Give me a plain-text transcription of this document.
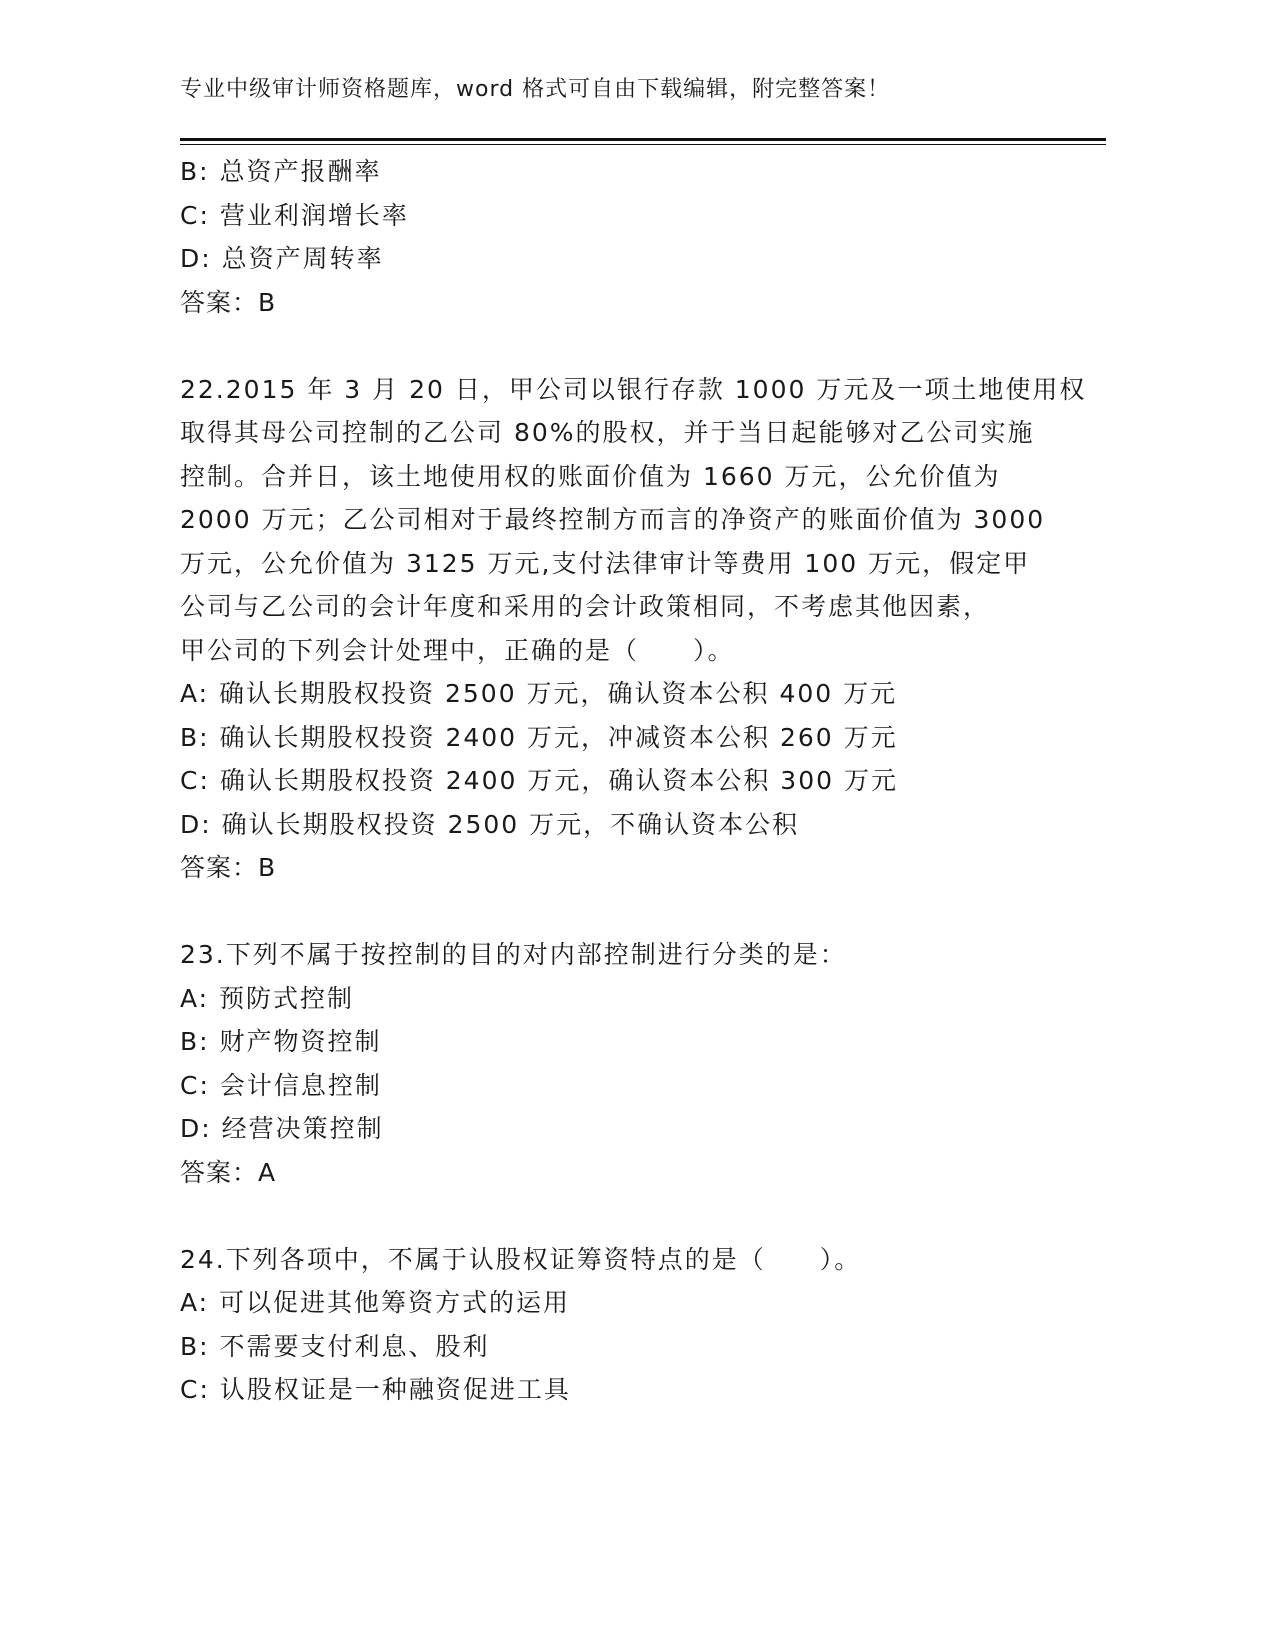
专业中级审计师资格题库，word 格式可自由下载编辑，附完整答案！
B: 总资产报酬率
C: 营业利润增长率
D: 总资产周转率
答案：B
22.2015 年 3 月 20 日，甲公司以银行存款 1000 万元及一项土地使用权
取得其母公司控制的乙公司 80%的股权，并于当日起能够对乙公司实施
控制。合并日，该土地使用权的账面价值为 1660 万元，公允价值为
2000 万元；乙公司相对于最终控制方而言的净资产的账面价值为 3000
万元，公允价值为 3125 万元,支付法律审计等费用 100 万元，假定甲
公司与乙公司的会计年度和采用的会计政策相同，不考虑其他因素，
甲公司的下列会计处理中，正确的是（　　）。
A: 确认长期股权投资 2500 万元，确认资本公积 400 万元
B: 确认长期股权投资 2400 万元，冲减资本公积 260 万元
C: 确认长期股权投资 2400 万元，确认资本公积 300 万元
D: 确认长期股权投资 2500 万元，不确认资本公积
答案：B
23.下列不属于按控制的目的对内部控制进行分类的是：
A: 预防式控制
B: 财产物资控制
C: 会计信息控制
D: 经营决策控制
答案：A
24.下列各项中，不属于认股权证筹资特点的是（　　）。
A: 可以促进其他筹资方式的运用
B: 不需要支付利息、股利
C: 认股权证是一种融资促进工具
